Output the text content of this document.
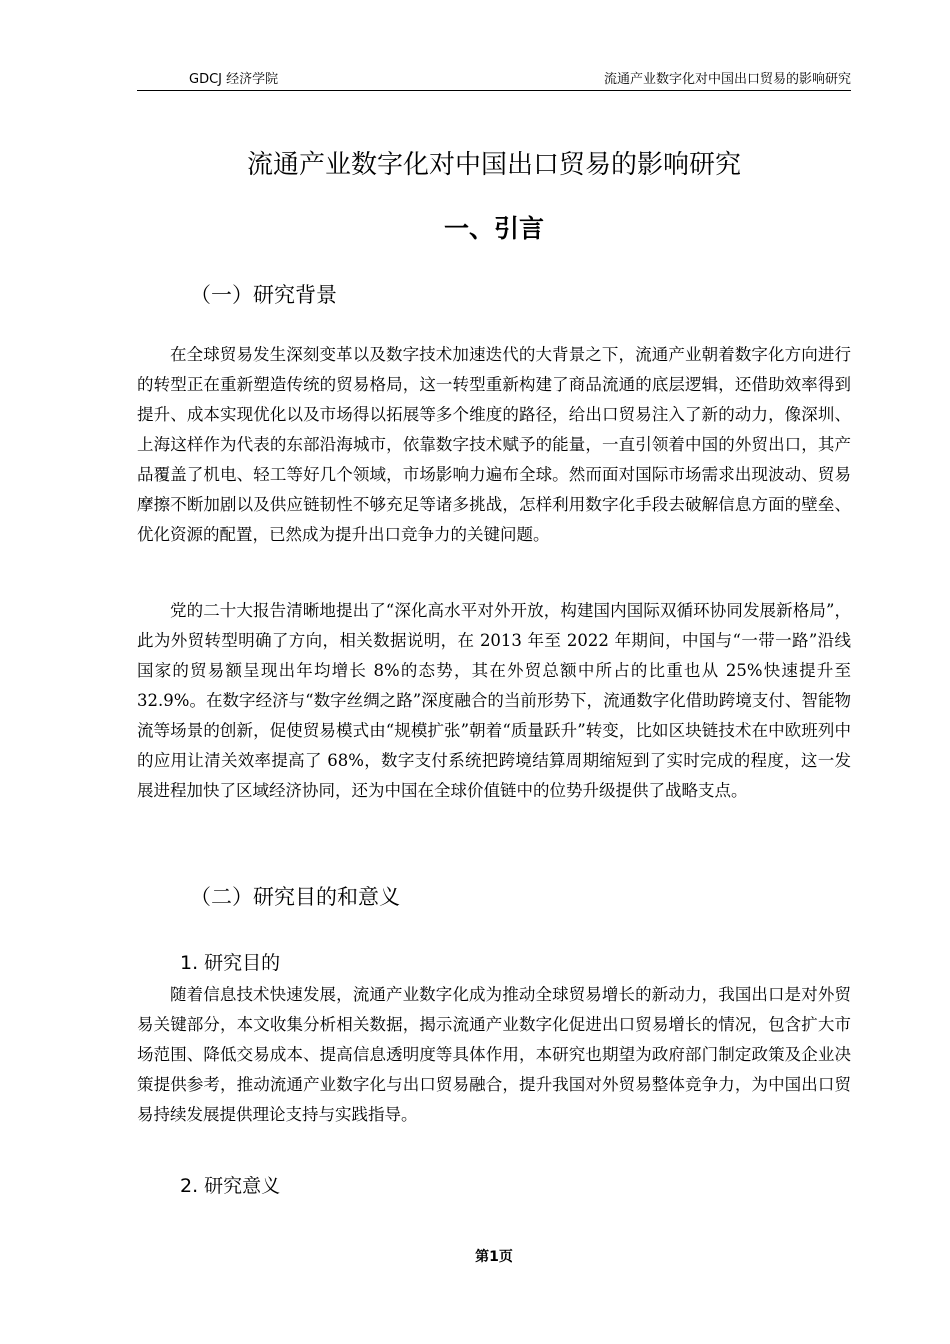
GDCJ 经济学院	流通产业数字化对中国出口贸易的影响研究
流通产业数字化对中国出口贸易的影响研究
一、引言
（一）研究背景

在全球贸易发生深刻变革以及数字技术加速迭代的大背景之下，流通产业朝着数字化方向进行的转型正在重新塑造传统的贸易格局，这一转型重新构建了商品流通的底层逻辑，还借助效率得到提升、成本实现优化以及市场得以拓展等多个维度的路径，给出口贸易注入了新的动力，像深圳、上海这样作为代表的东部沿海城市，依靠数字技术赋予的能量，一直引领着中国的外贸出口，其产品覆盖了机电、轻工等好几个领域，市场影响力遍布全球。然而面对国际市场需求出现波动、贸易摩擦不断加剧以及供应链韧性不够充足等诸多挑战，怎样利用数字化手段去破解信息方面的壁垒、优化资源的配置，已然成为提升出口竞争力的关键问题。

党的二十大报告清晰地提出了“深化高水平对外开放，构建国内国际双循环协同发展新格局”，此为外贸转型明确了方向，相关数据说明，在 2013 年至 2022 年期间，中国与“一带一路”沿线国家的贸易额呈现出年均增长 8%的态势，其在外贸总额中所占的比重也从 25%快速提升至 32.9%。在数字经济与“数字丝绸之路”深度融合的当前形势下，流通数字化借助跨境支付、智能物流等场景的创新，促使贸易模式由“规模扩张”朝着“质量跃升”转变，比如区块链技术在中欧班列中的应用让清关效率提高了 68%，数字支付系统把跨境结算周期缩短到了实时完成的程度，这一发展进程加快了区域经济协同，还为中国在全球价值链中的位势升级提供了战略支点。

（二）研究目的和意义
1. 研究目的

随着信息技术快速发展，流通产业数字化成为推动全球贸易增长的新动力，我国出口是对外贸易关键部分，本文收集分析相关数据，揭示流通产业数字化促进出口贸易增长的情况，包含扩大市场范围、降低交易成本、提高信息透明度等具体作用，本研究也期望为政府部门制定政策及企业决策提供参考，推动流通产业数字化与出口贸易融合，提升我国对外贸易整体竞争力，为中国出口贸易持续发展提供理论支持与实践指导。

2. 研究意义
第1页
